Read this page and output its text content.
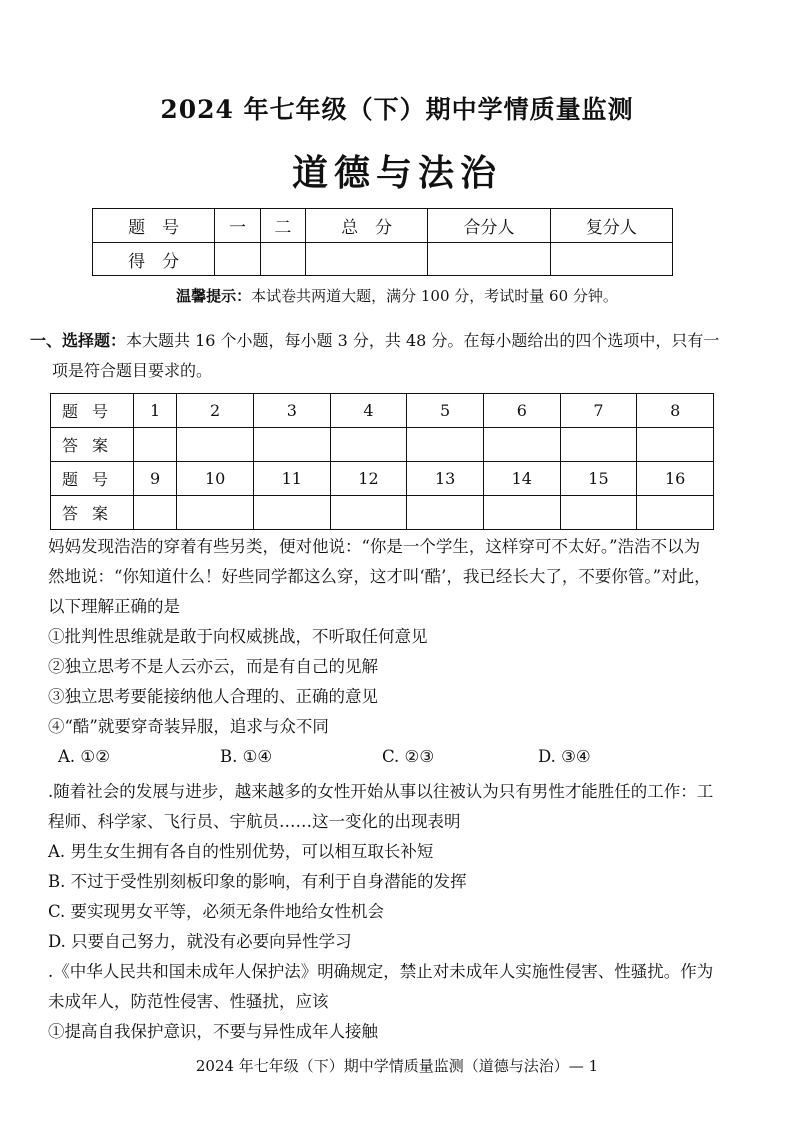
2024 年七年级（下）期中学情质量监测
道德与法治
题　号	一	二	总　分	合分人	复分人
得　分					
温馨提示：本试卷共两道大题，满分 100 分，考试时量 60 分钟。
一、选择题：本大题共 16 个小题，每小题 3 分，共 48 分。在每小题给出的四个选项中，只有一
项是符合题目要求的。
题号	1	2	3	4	5	6	7	8
答案								
题号	9	10	11	12	13	14	15	16
答案								
妈妈发现浩浩的穿着有些另类，便对他说：“你是一个学生，这样穿可不太好。”浩浩不以为
然地说：“你知道什么！好些同学都这么穿，这才叫‘酷’，我已经长大了，不要你管。”对此，
以下理解正确的是
①批判性思维就是敢于向权威挑战，不听取任何意见
②独立思考不是人云亦云，而是有自己的见解
③独立思考要能接纳他人合理的、正确的意见
④“酷”就要穿奇装异服，追求与众不同
A. ①②	B. ①④	C. ②③	D. ③④
.随着社会的发展与进步，越来越多的女性开始从事以往被认为只有男性才能胜任的工作：工
程师、科学家、飞行员、宇航员……这一变化的出现表明
A. 男生女生拥有各自的性别优势，可以相互取长补短
B. 不过于受性别刻板印象的影响，有利于自身潜能的发挥
C. 要实现男女平等，必须无条件地给女性机会
D. 只要自己努力，就没有必要向异性学习
.《中华人民共和国未成年人保护法》明确规定，禁止对未成年人实施性侵害、性骚扰。作为
未成年人，防范性侵害、性骚扰，应该
①提高自我保护意识，不要与异性成年人接触
2024 年七年级（下）期中学情质量监测（道德与法治）— 1
